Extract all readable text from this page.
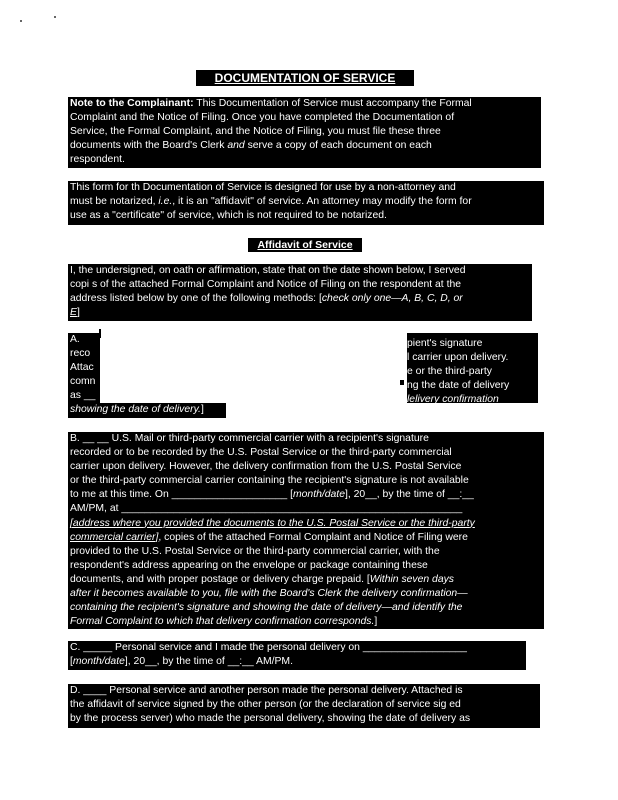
DOCUMENTATION OF SERVICE
Note to the Complainant: This Documentation of Service must accompany the Formal
Complaint and the Notice of Filing. Once you have completed the Documentation of
Service, the Formal Complaint, and the Notice of Filing, you must file these three
documents with the Board's Clerk and serve a copy of each document on each
respondent.
This form for th Documentation of Service is designed for use by a non-attorney and
must be notarized, i.e., it is an "affidavit" of service. An attorney may modify the form for
use as a "certificate" of service, which is not required to be notarized.
Affidavit of Service
I, the undersigned, on oath or affirmation, state that on the date shown below, I served
copi s of the attached Formal Complaint and Notice of Filing on the respondent at the
address listed below by one of the following methods: [check only one—A, B, C, D, or
E]
A.
reco
Attac
comn
as __
pient's signature
l carrier upon delivery.
e or the third-party
ng the date of delivery
lelivery confirmation
showing the date of delivery.]
B. __ __ U.S. Mail or third-party commercial carrier with a recipient's signature
recorded or to be recorded by the U.S. Postal Service or the third-party commercial
carrier upon delivery. However, the delivery confirmation from the U.S. Postal Service
or the third-party commercial carrier containing the recipient's signature is not available
to me at this time. On ____________________ [month/date], 20__, by the time of __:__
AM/PM, at ___________________________________________________________
[address where you provided the documents to the U.S. Postal Service or the third-party
commercial carrier], copies of the attached Formal Complaint and Notice of Filing were
provided to the U.S. Postal Service or the third-party commercial carrier, with the
respondent's address appearing on the envelope or package containing these
documents, and with proper postage or delivery charge prepaid. [Within seven days
after it becomes available to you, file with the Board's Clerk the delivery confirmation—
containing the recipient's signature and showing the date of delivery—and identify the
Formal Complaint to which that delivery confirmation corresponds.]
C. _____ Personal service and I made the personal delivery on __________________
[month/date], 20__, by the time of __:__ AM/PM.
D. ____ Personal service and another person made the personal delivery. Attached is
the affidavit of service signed by the other person (or the declaration of service sig ed
by the process server) who made the personal delivery, showing the date of delivery as
